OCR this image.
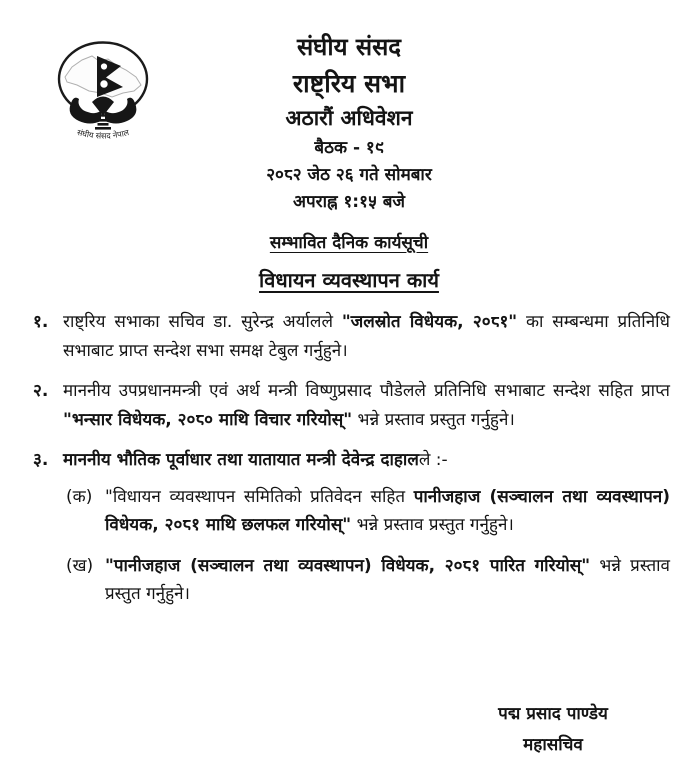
संघीय संसद नेपाल
संघीय संसद
राष्ट्रिय सभा
अठारौं अधिवेशन
बैठक - १९
२०८२ जेठ २६ गते सोमबार
अपराह्न १:१५ बजे
सम्भावित दैनिक कार्यसूची
विधायन व्यवस्थापन कार्य
१. राष्ट्रिय सभाका सचिव डा. सुरेन्द्र अर्यालले "जलस्रोत विधेयक, २०८१" का सम्बन्धमा प्रतिनिधि सभाबाट प्राप्त सन्देश सभा समक्ष टेबुल गर्नुहुने।

२. माननीय उपप्रधानमन्त्री एवं अर्थ मन्त्री विष्णुप्रसाद पौडेलले प्रतिनिधि सभाबाट सन्देश सहित प्राप्त "भन्सार विधेयक, २०८० माथि विचार गरियोस्" भन्ने प्रस्ताव प्रस्तुत गर्नुहुने।

३. माननीय भौतिक पूर्वाधार तथा यातायात मन्त्री देवेन्द्र दाहालले :-

(क) "विधायन व्यवस्थापन समितिको प्रतिवेदन सहित पानीजहाज (सञ्चालन तथा व्यवस्थापन) विधेयक, २०८१ माथि छलफल गरियोस्" भन्ने प्रस्ताव प्रस्तुत गर्नुहुने।

(ख) "पानीजहाज (सञ्चालन तथा व्यवस्थापन) विधेयक, २०८१ पारित गरियोस्" भन्ने प्रस्ताव प्रस्तुत गर्नुहुने।

पद्म प्रसाद पाण्डेय
महासचिव
